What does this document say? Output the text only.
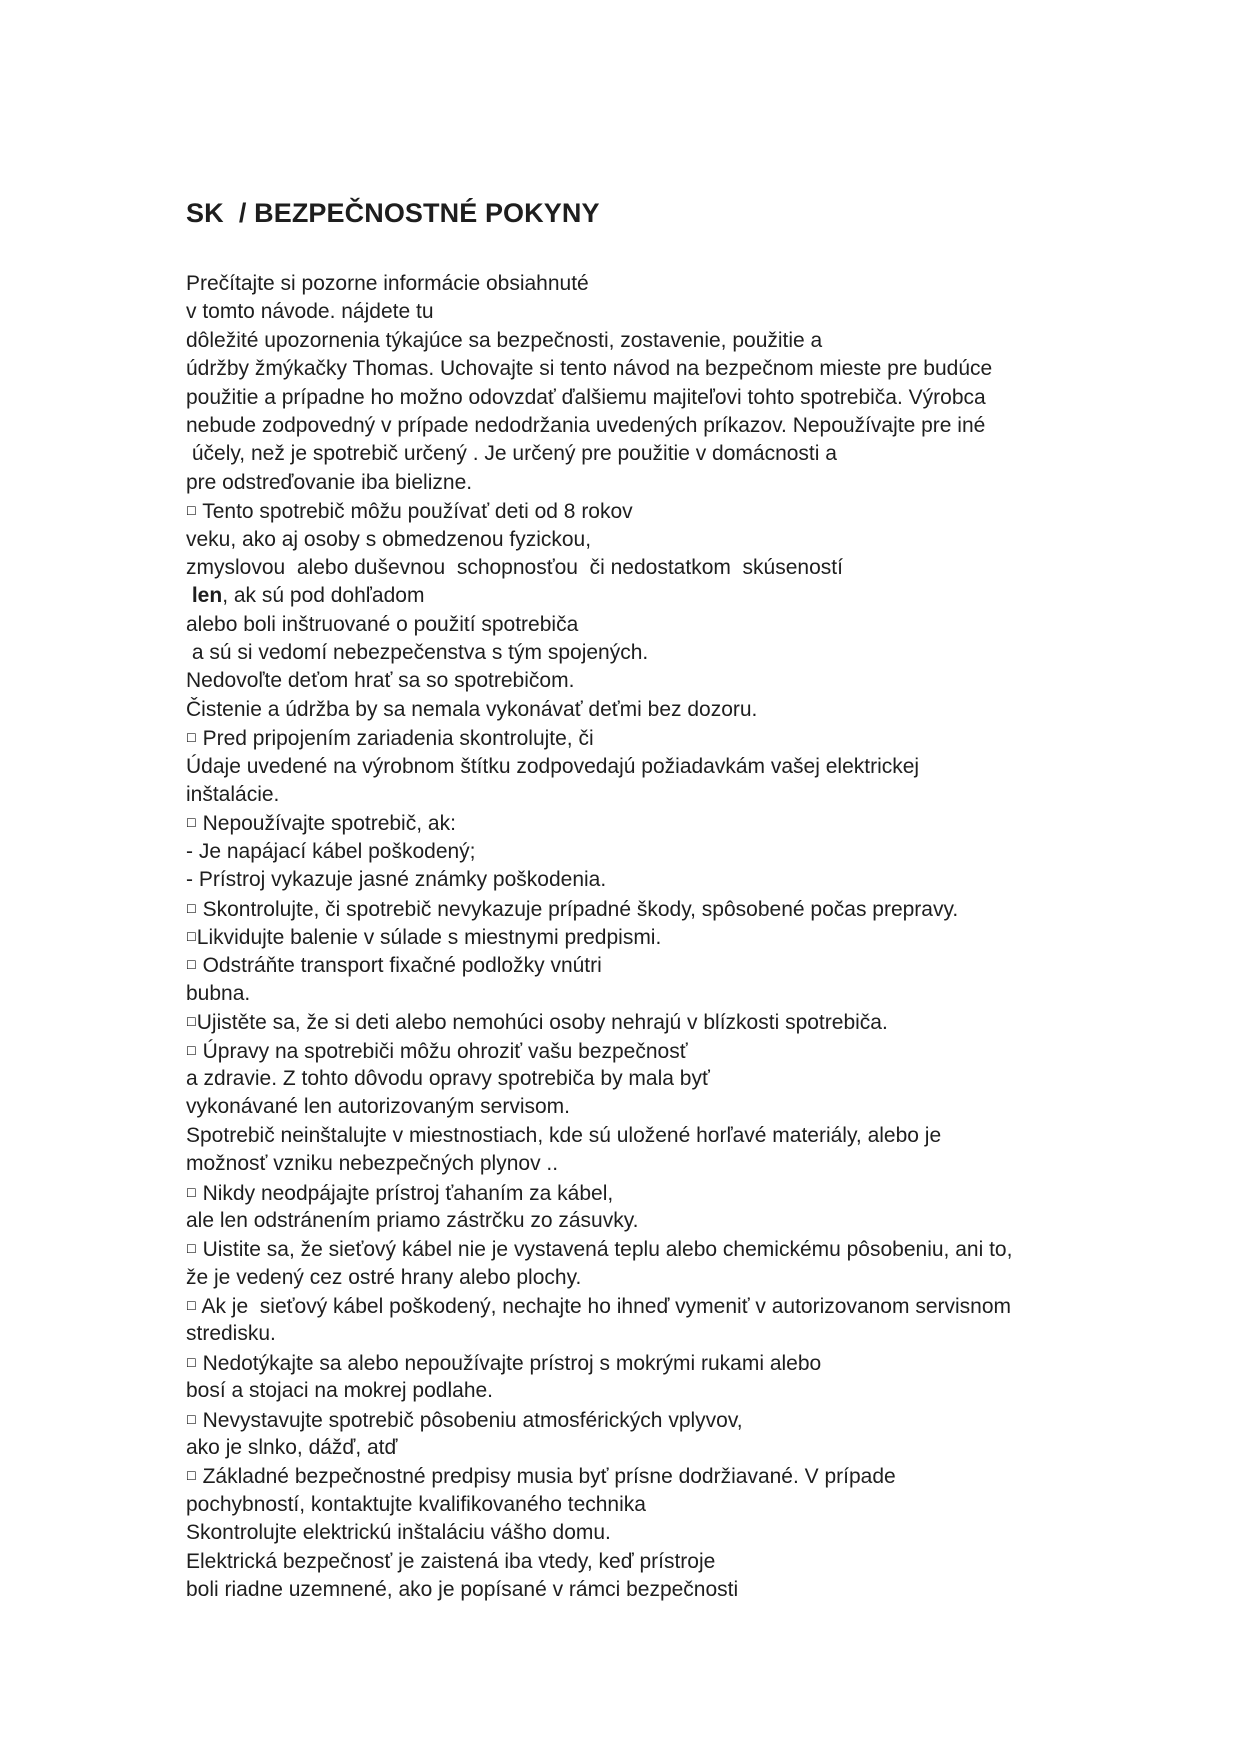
SK  / BEZPEČNOSTNÉ POKYNY
Prečítajte si pozorne informácie obsiahnuté
v tomto návode. nájdete tu
dôležité upozornenia týkajúce sa bezpečnosti, zostavenie, použitie a
údržby žmýkačky Thomas. Uchovajte si tento návod na bezpečnom mieste pre budúce
použitie a prípadne ho možno odovzdať ďalšiemu majiteľovi tohto spotrebiča. Výrobca
nebude zodpovedný v prípade nedodržania uvedených príkazov. Nepoužívajte pre iné
účely, než je spotrebič určený . Je určený pre použitie v domácnosti a
pre odstreďovanie iba bielizne.
☐ Tento spotrebič môžu používať deti od 8 rokov
veku, ako aj osoby s obmedzenou fyzickou,
zmyslovou  alebo duševnou  schopnosťou  či nedostatkom  skúseností
len, ak sú pod dohľadom
alebo boli inštruované o použití spotrebiča
a sú si vedomí nebezpečenstva s tým spojených.
Nedovoľte deťom hrať sa so spotrebičom.
Čistenie a údržba by sa nemala vykonávať deťmi bez dozoru.
☐ Pred pripojením zariadenia skontrolujte, či
Údaje uvedené na výrobnom štítku zodpovedajú požiadavkám vašej elektrickej
inštalácie.
☐ Nepoužívajte spotrebič, ak:
- Je napájací kábel poškodený;
- Prístroj vykazuje jasné známky poškodenia.
☐ Skontrolujte, či spotrebič nevykazuje prípadné škody, spôsobené počas prepravy.
☐Likvidujte balenie v súlade s miestnymi predpismi.
☐ Odstráňte transport fixačné podložky vnútri
bubna.
☐Ujistěte sa, že si deti alebo nemohúci osoby nehrajú v blízkosti spotrebiča.
☐ Úpravy na spotrebiči môžu ohroziť vašu bezpečnosť
a zdravie. Z tohto dôvodu opravy spotrebiča by mala byť
vykonávané len autorizovaným servisom.
Spotrebič neinštalujte v miestnostiach, kde sú uložené horľavé materiály, alebo je
možnosť vzniku nebezpečných plynov ..
☐ Nikdy neodpájajte prístroj ťahaním za kábel,
ale len odstránením priamo zástrčku zo zásuvky.
☐ Uistite sa, že sieťový kábel nie je vystavená teplu alebo chemickému pôsobeniu, ani to,
že je vedený cez ostré hrany alebo plochy.
☐ Ak je  sieťový kábel poškodený, nechajte ho ihneď vymeniť v autorizovanom servisnom
stredisku.
☐ Nedotýkajte sa alebo nepoužívajte prístroj s mokrými rukami alebo
bosí a stojaci na mokrej podlahe.
☐ Nevystavujte spotrebič pôsobeniu atmosférických vplyvov,
ako je slnko, dážď, atď
☐ Základné bezpečnostné predpisy musia byť prísne dodržiavané. V prípade
pochybností, kontaktujte kvalifikovaného technika
Skontrolujte elektrickú inštaláciu vášho domu.
Elektrická bezpečnosť je zaistená iba vtedy, keď prístroje
boli riadne uzemnené, ako je popísané v rámci bezpečnosti
